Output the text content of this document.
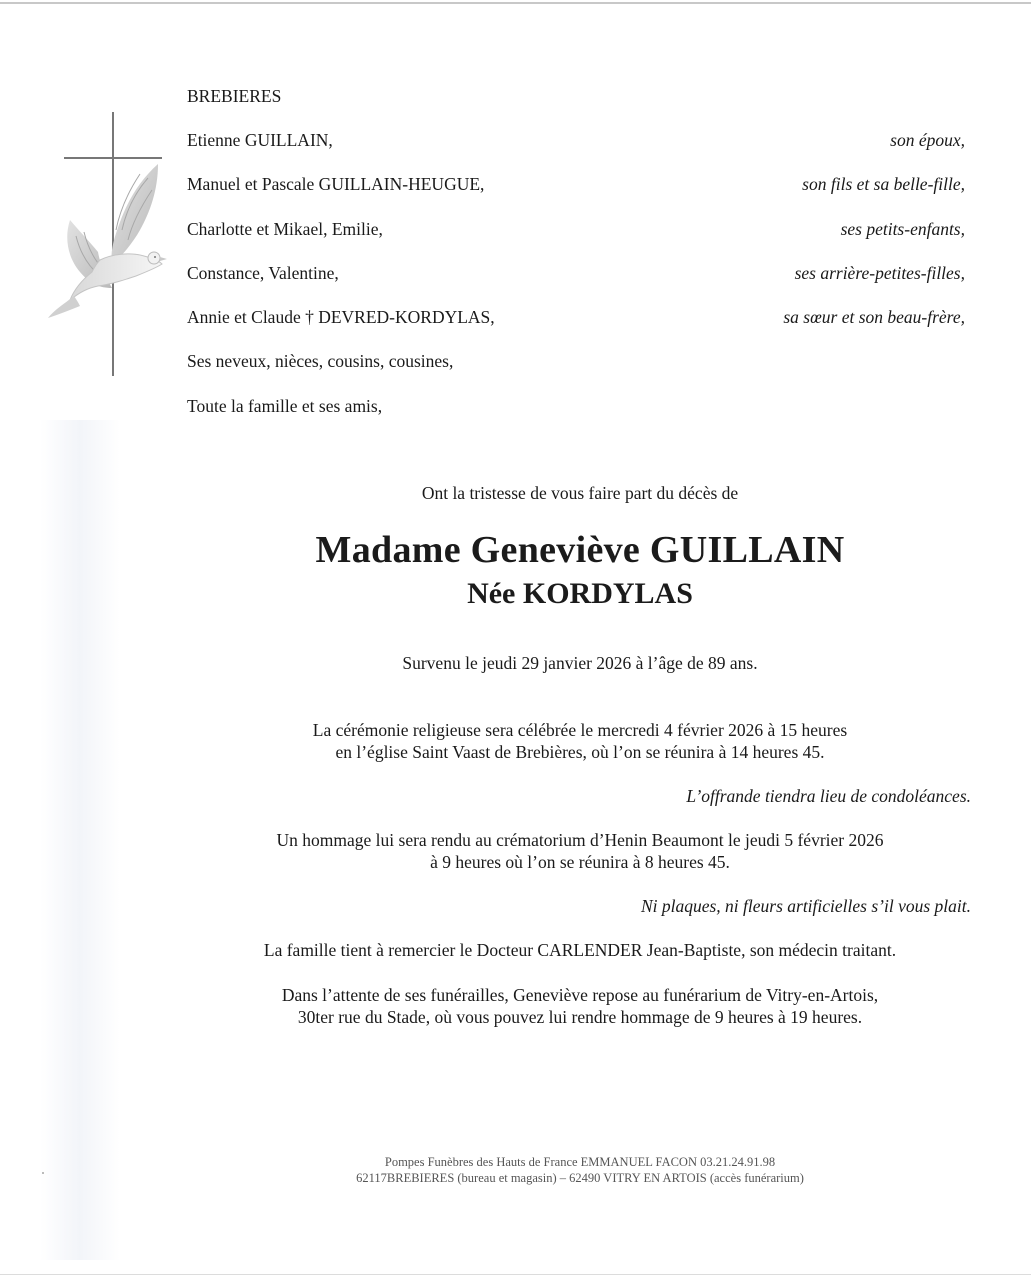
BREBIERES
Etienne GUILLAIN,	son époux,
Manuel et Pascale GUILLAIN-HEUGUE,	son fils et sa belle-fille,
Charlotte et Mikael, Emilie,	ses petits-enfants,
Constance, Valentine,	ses arrière-petites-filles,
Annie et Claude † DEVRED-KORDYLAS,	sa sœur et son beau-frère,
Ses neveux, nièces, cousins, cousines,
Toute la famille et ses amis,
Ont la tristesse de vous faire part du décès de
Madame Geneviève GUILLAIN
Née KORDYLAS
Survenu le jeudi 29 janvier 2026 à l’âge de 89 ans.
La cérémonie religieuse sera célébrée le mercredi 4 février 2026 à 15 heures
en l’église Saint Vaast de Brebières, où l’on se réunira à 14 heures 45.
L’offrande tiendra lieu de condoléances.
Un hommage lui sera rendu au crématorium d’Henin Beaumont le jeudi 5 février 2026
à 9 heures où l’on se réunira à 8 heures 45.
Ni plaques, ni fleurs artificielles s’il vous plait.
La famille tient à remercier le Docteur CARLENDER Jean-Baptiste, son médecin traitant.
Dans l’attente de ses funérailles, Geneviève repose au funérarium de Vitry-en-Artois,
30ter rue du Stade, où vous pouvez lui rendre hommage de 9 heures à 19 heures.
Pompes Funèbres des Hauts de France EMMANUEL FACON 03.21.24.91.98
62117BREBIERES (bureau et magasin) – 62490 VITRY EN ARTOIS (accès funérarium)
